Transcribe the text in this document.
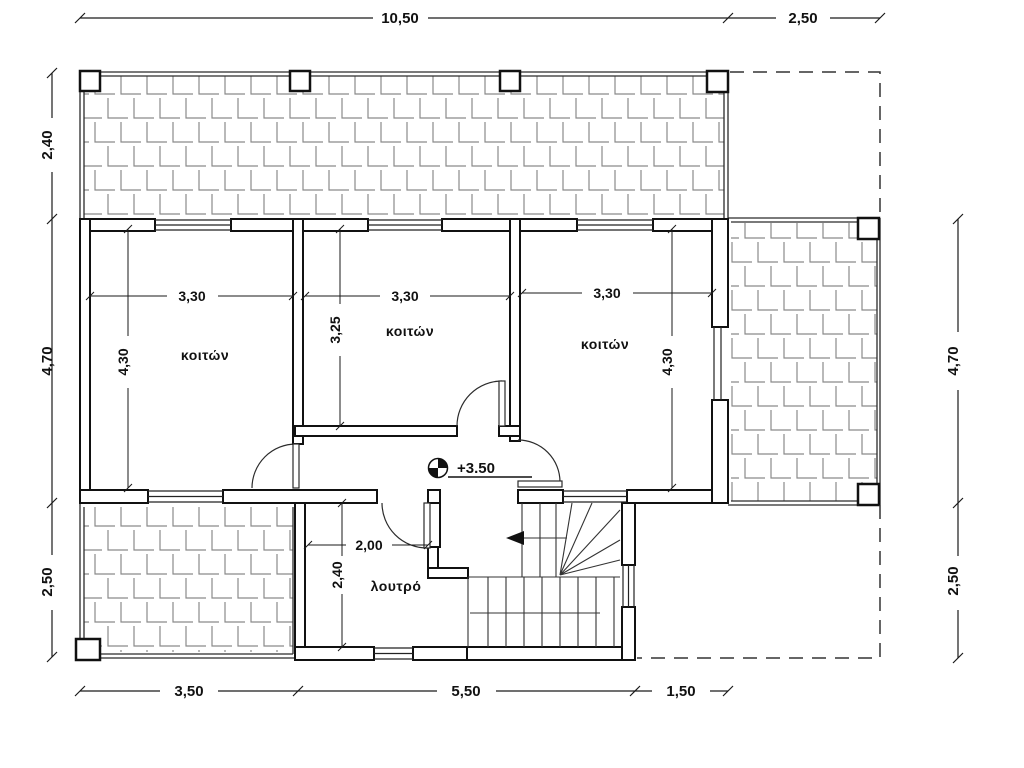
+3.50
10,50	2,50
2,40
4,70
2,50
4,70
2,50
3,50	5,50	1,50
3,30
4,30
3,30
3,25
3,30
4,30
2,00
2,40
κοιτών
κοιτών
κοιτών
λουτρό
